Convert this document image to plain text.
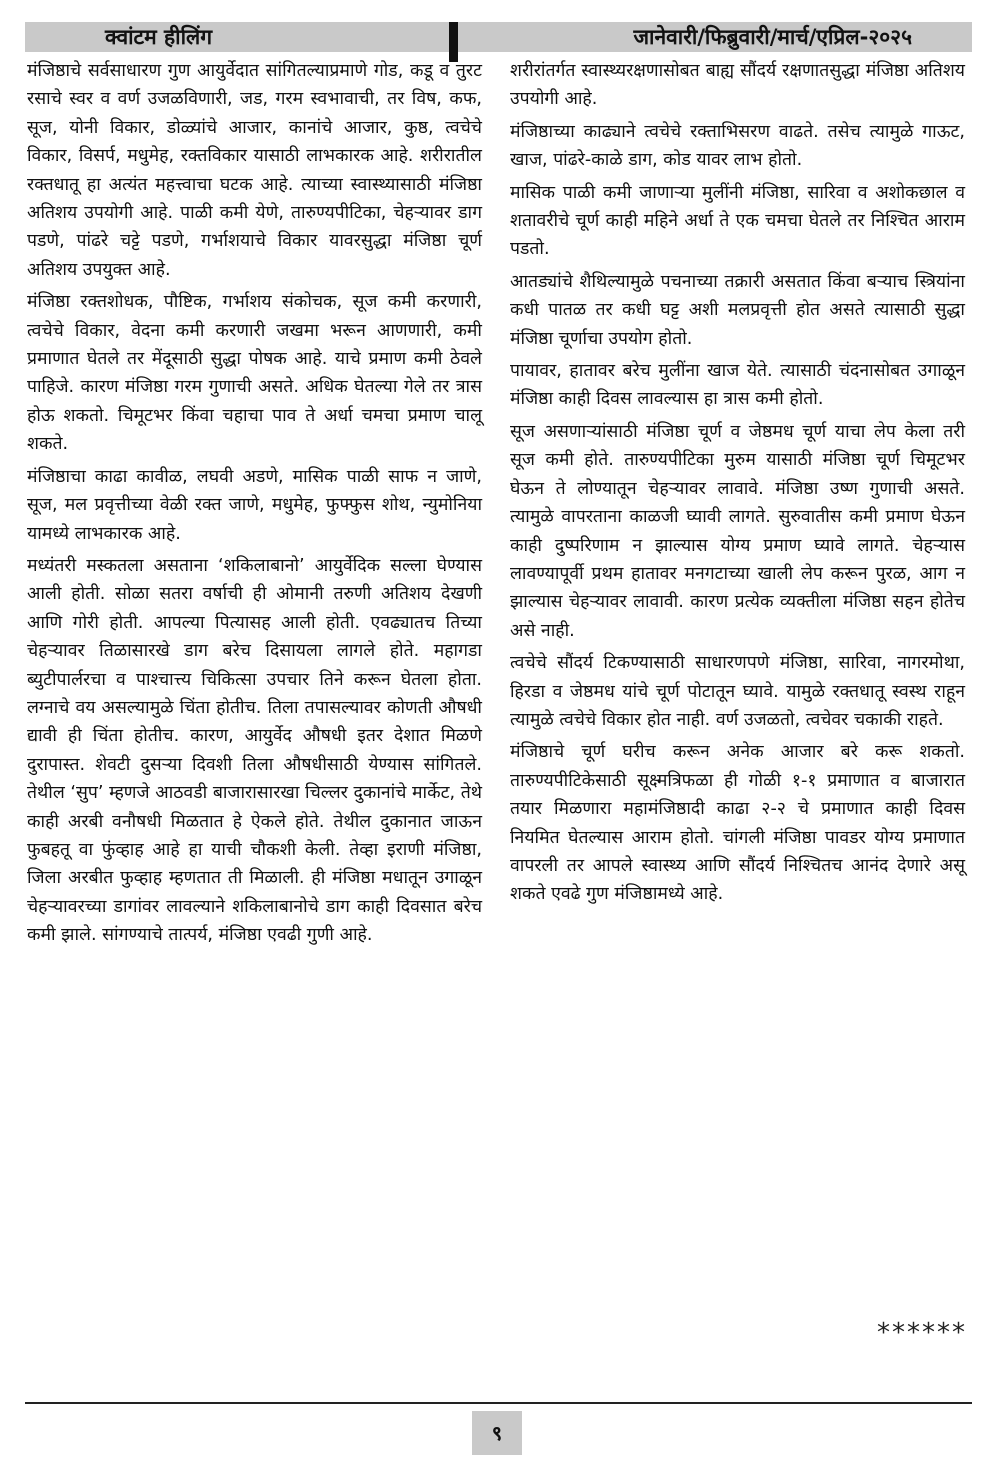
क्वांटम हीलिंग	जानेवारी/फिब्रुवारी/मार्च/एप्रिल-२०२५

मंजिष्ठाचे सर्वसाधारण गुण आयुर्वेदात सांगितल्याप्रमाणे गोड, कडू व तुरट रसाचे स्वर व वर्ण उजळविणारी, जड, गरम स्वभावाची, तर विष, कफ, सूज, योनी विकार, डोळ्यांचे आजार, कानांचे आजार, कुष्ठ, त्वचेचे विकार, विसर्प, मधुमेह, रक्तविकार यासाठी लाभकारक आहे. शरीरातील रक्तधातू हा अत्यंत महत्त्वाचा घटक आहे. त्याच्या स्वास्थ्यासाठी मंजिष्ठा अतिशय उपयोगी आहे. पाळी कमी येणे, तारुण्यपीटिका, चेहऱ्यावर डाग पडणे, पांढरे चट्टे पडणे, गर्भाशयाचे विकार यावरसुद्धा मंजिष्ठा चूर्ण अतिशय उपयुक्त आहे.

मंजिष्ठा रक्तशोधक, पौष्टिक, गर्भाशय संकोचक, सूज कमी करणारी, त्वचेचे विकार, वेदना कमी करणारी जखमा भरून आणणारी, कमी प्रमाणात घेतले तर मेंदूसाठी सुद्धा पोषक आहे. याचे प्रमाण कमी ठेवले पाहिजे. कारण मंजिष्ठा गरम गुणाची असते. अधिक घेतल्या गेले तर त्रास होऊ शकतो. चिमूटभर किंवा चहाचा पाव ते अर्धा चमचा प्रमाण चालू शकते.

मंजिष्ठाचा काढा कावीळ, लघवी अडणे, मासिक पाळी साफ न जाणे, सूज, मल प्रवृत्तीच्या वेळी रक्त जाणे, मधुमेह, फुफ्फुस शोथ, न्युमोनिया यामध्ये लाभकारक आहे.

मध्यंतरी मस्कतला असताना ‘शकिलाबानो’ आयुर्वेदिक सल्ला घेण्यास आली होती. सोळा सतरा वर्षाची ही ओमानी तरुणी अतिशय देखणी आणि गोरी होती. आपल्या पित्यासह आली होती. एवढ्यातच तिच्या चेहऱ्यावर तिळासारखे डाग बरेच दिसायला लागले होते. महागडा ब्युटीपार्लरचा व पाश्चात्त्य चिकित्सा उपचार तिने करून घेतला होता. लग्नाचे वय असल्यामुळे चिंता होतीच. तिला तपासल्यावर कोणती औषधी द्यावी ही चिंता होतीच. कारण, आयुर्वेद औषधी इतर देशात मिळणे दुरापास्त. शेवटी दुसऱ्या दिवशी तिला औषधीसाठी येण्यास सांगितले. तेथील ‘सुप’ म्हणजे आठवडी बाजारासारखा चिल्लर दुकानांचे मार्केट, तेथे काही अरबी वनौषधी मिळतात हे ऐकले होते. तेथील दुकानात जाऊन फुबहतू वा फुंव्हाह आहे हा याची चौकशी केली. तेव्हा इराणी मंजिष्ठा, जिला अरबीत फुव्हाह म्हणतात ती मिळाली. ही मंजिष्ठा मधातून उगाळून चेहऱ्यावरच्या डागांवर लावल्याने शकिलाबानोचे डाग काही दिवसात बरेच कमी झाले. सांगण्याचे तात्पर्य, मंजिष्ठा एवढी गुणी आहे.

शरीरांतर्गत स्वास्थ्यरक्षणासोबत बाह्य सौंदर्य रक्षणातसुद्धा मंजिष्ठा अतिशय उपयोगी आहे.

मंजिष्ठाच्या काढ्याने त्वचेचे रक्ताभिसरण वाढते. तसेच त्यामुळे गाऊट, खाज, पांढरे-काळे डाग, कोड यावर लाभ होतो.

मासिक पाळी कमी जाणाऱ्या मुलींनी मंजिष्ठा, सारिवा व अशोकछाल व शतावरीचे चूर्ण काही महिने अर्धा ते एक चमचा घेतले तर निश्चित आराम पडतो.

आतड्यांचे शैथिल्यामुळे पचनाच्या तक्रारी असतात किंवा बऱ्याच स्त्रियांना कधी पातळ तर कधी घट्ट अशी मलप्रवृत्ती होत असते त्यासाठी सुद्धा मंजिष्ठा चूर्णाचा उपयोग होतो.

पायावर, हातावर बरेच मुलींना खाज येते. त्यासाठी चंदनासोबत उगाळून मंजिष्ठा काही दिवस लावल्यास हा त्रास कमी होतो.

सूज असणाऱ्यांसाठी मंजिष्ठा चूर्ण व जेष्ठमध चूर्ण याचा लेप केला तरी सूज कमी होते. तारुण्यपीटिका मुरुम यासाठी मंजिष्ठा चूर्ण चिमूटभर घेऊन ते लोण्यातून चेहऱ्यावर लावावे. मंजिष्ठा उष्ण गुणाची असते. त्यामुळे वापरताना काळजी घ्यावी लागते. सुरुवातीस कमी प्रमाण घेऊन काही दुष्परिणाम न झाल्यास योग्य प्रमाण घ्यावे लागते. चेहऱ्यास लावण्यापूर्वी प्रथम हातावर मनगटाच्या खाली लेप करून पुरळ, आग न झाल्यास चेहऱ्यावर लावावी. कारण प्रत्येक व्यक्तीला मंजिष्ठा सहन होतेच असे नाही.

त्वचेचे सौंदर्य टिकण्यासाठी साधारणपणे मंजिष्ठा, सारिवा, नागरमोथा, हिरडा व जेष्ठमध यांचे चूर्ण पोटातून घ्यावे. यामुळे रक्तधातू स्वस्थ राहून त्यामुळे त्वचेचे विकार होत नाही. वर्ण उजळतो, त्वचेवर चकाकी राहते.

मंजिष्ठाचे चूर्ण घरीच करून अनेक आजार बरे करू शकतो. तारुण्यपीटिकेसाठी सूक्ष्मत्रिफळा ही गोळी १-१ प्रमाणात व बाजारात तयार मिळणारा महामंजिष्ठादी काढा २-२ चे प्रमाणात काही दिवस नियमित घेतल्यास आराम होतो. चांगली मंजिष्ठा पावडर योग्य प्रमाणात वापरली तर आपले स्वास्थ्य आणि सौंदर्य निश्चितच आनंद देणारे असू शकते एवढे गुण मंजिष्ठामध्ये आहे.

******
९
